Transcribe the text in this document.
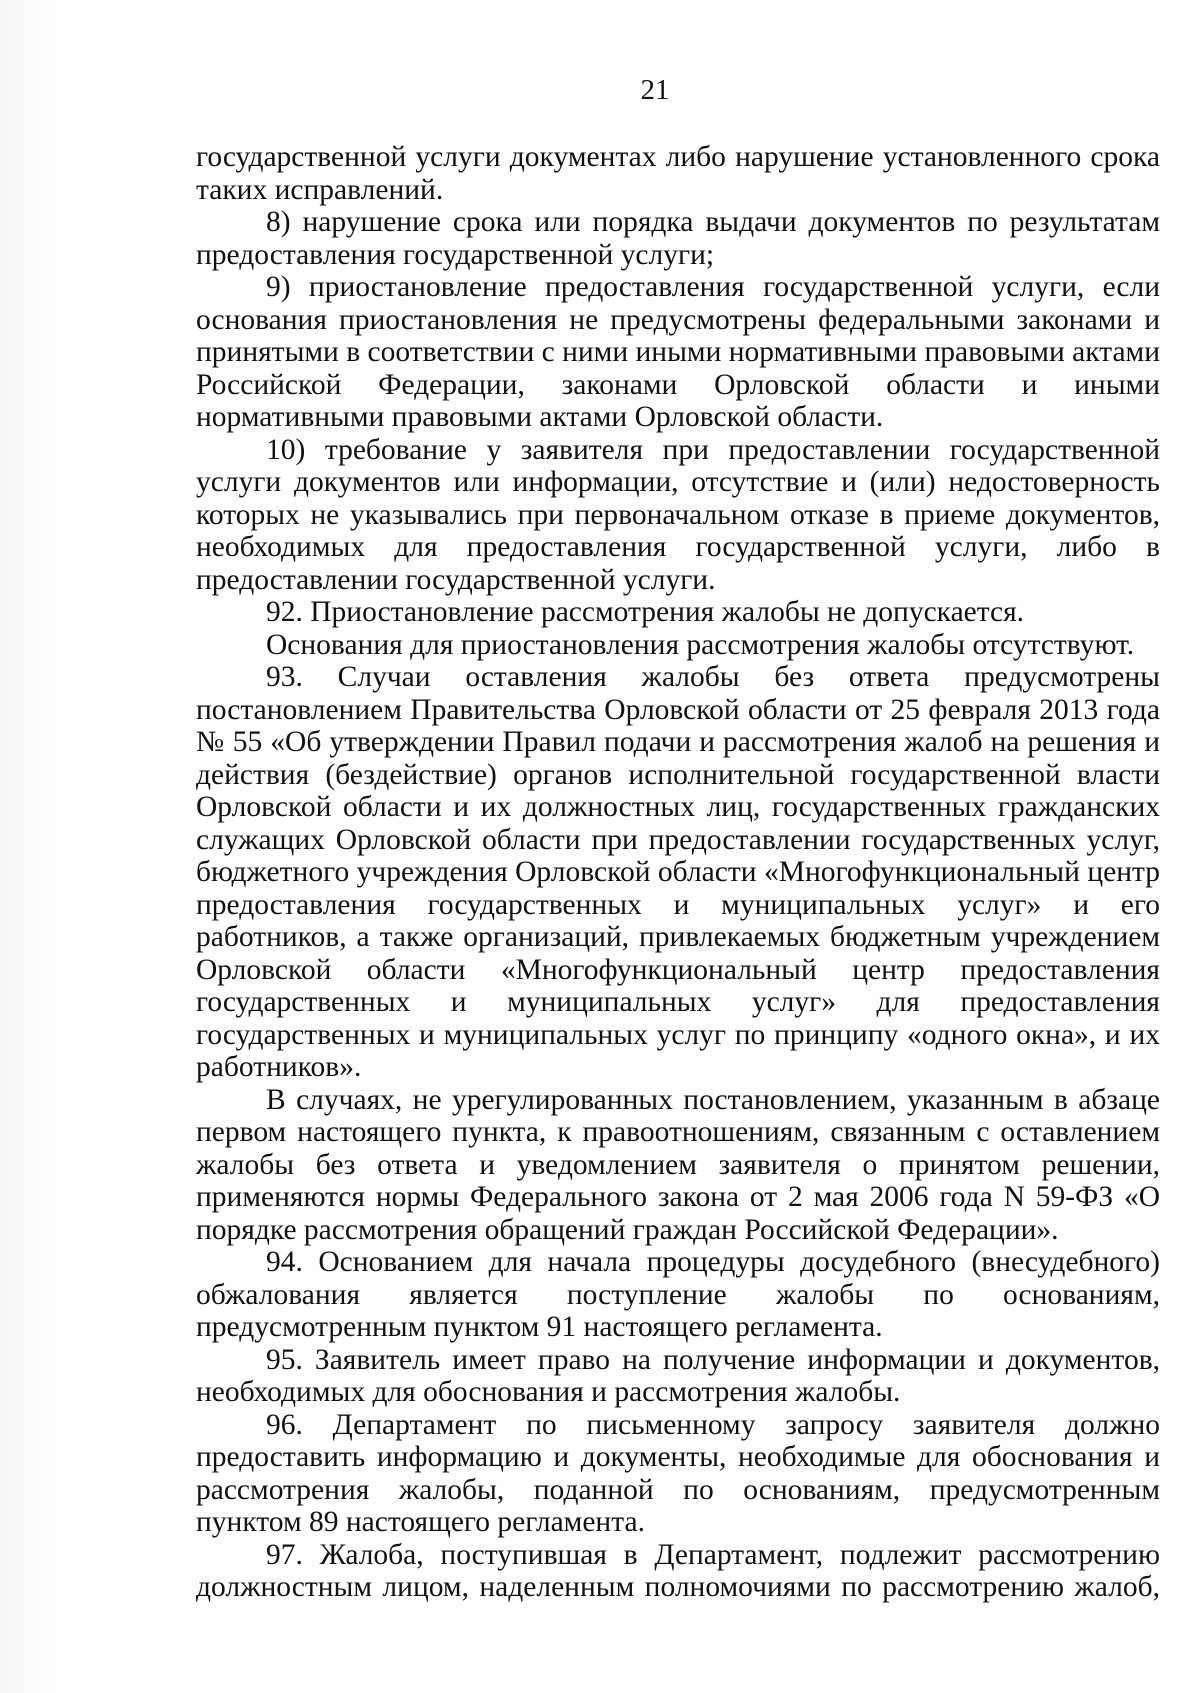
21

государственной услуги документах либо нарушение установленного срока таких исправлений.

8) нарушение срока или порядка выдачи документов по результатам предоставления государственной услуги;

9) приостановление предоставления государственной услуги, если основания приостановления не предусмотрены федеральными законами и принятыми в соответствии с ними иными нормативными правовыми актами Российской Федерации, законами Орловской области и иными нормативными правовыми актами Орловской области.

10) требование у заявителя при предоставлении государственной услуги документов или информации, отсутствие и (или) недостоверность которых не указывались при первоначальном отказе в приеме документов, необходимых для предоставления государственной услуги, либо в предоставлении государственной услуги.

92. Приостановление рассмотрения жалобы не допускается.

Основания для приостановления рассмотрения жалобы отсутствуют.

93. Случаи оставления жалобы без ответа предусмотрены постановлением Правительства Орловской области от 25 февраля 2013 года № 55 «Об утверждении Правил подачи и рассмотрения жалоб на решения и действия (бездействие) органов исполнительной государственной власти Орловской области и их должностных лиц, государственных гражданских служащих Орловской области при предоставлении государственных услуг, бюджетного учреждения Орловской области «Многофункциональный центр предоставления государственных и муниципальных услуг» и его работников, а также организаций, привлекаемых бюджетным учреждением Орловской области «Многофункциональный центр предоставления государственных и муниципальных услуг» для предоставления государственных и муниципальных услуг по принципу «одного окна», и их работников».

В случаях, не урегулированных постановлением, указанным в абзаце первом настоящего пункта, к правоотношениям, связанным с оставлением жалобы без ответа и уведомлением заявителя о принятом решении, применяются нормы Федерального закона от 2 мая 2006 года N 59-ФЗ «О порядке рассмотрения обращений граждан Российской Федерации».

94. Основанием для начала процедуры досудебного (внесудебного) обжалования является поступление жалобы по основаниям, предусмотренным пунктом 91 настоящего регламента.

95. Заявитель имеет право на получение информации и документов, необходимых для обоснования и рассмотрения жалобы.

96. Департамент по письменному запросу заявителя должно предоставить информацию и документы, необходимые для обоснования и рассмотрения жалобы, поданной по основаниям, предусмотренным пунктом 89 настоящего регламента.

97. Жалоба, поступившая в Департамент, подлежит рассмотрению должностным лицом, наделенным полномочиями по рассмотрению жалоб,
